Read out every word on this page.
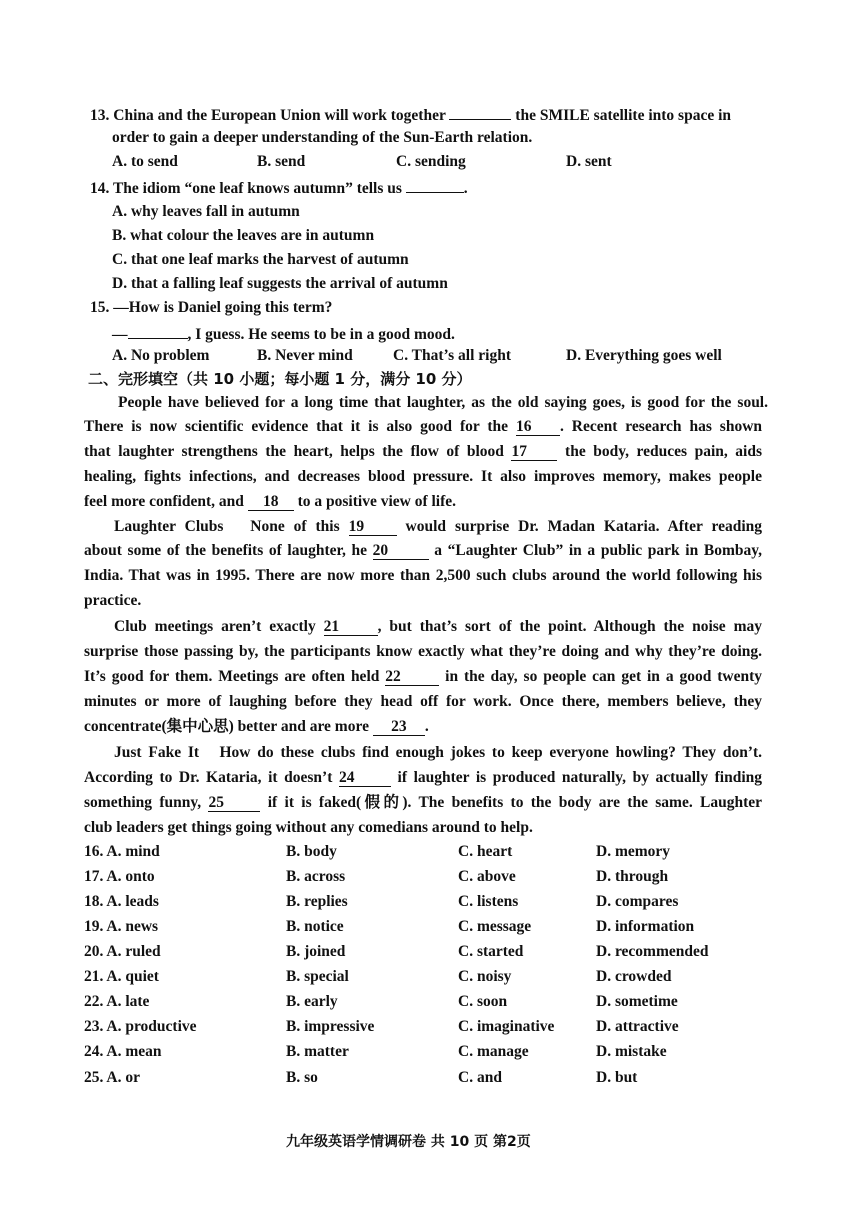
13. China and the European Union will work together	the SMILE satellite into space in
order to gain a deeper understanding of the Sun-Earth relation.
A. to send	B. send	C. sending	D. sent
14. The idiom “one leaf knows autumn” tells us	.
A. why leaves fall in autumn
B. what colour the leaves are in autumn
C. that one leaf marks the harvest of autumn
D. that a falling leaf suggests the arrival of autumn
15. —How is Daniel going this term?
—	, I guess. He seems to be in a good mood.
A. No problem	B. Never mind	C. That’s all right	D. Everything goes well
二、完形填空（共 10 小题；每小题 1 分，满分 10 分）
People have believed for a long time that laughter, as the old saying goes, is good for the soul.
There is now scientific evidence that it is also good for the 16 . Recent research has shown
that laughter strengthens the heart, helps the flow of blood 17 the body, reduces pain, aids
healing, fights infections, and decreases blood pressure. It also improves memory, makes people
feel more confident, and 18 to a positive view of life.
Laughter Clubs None of this 19	would surprise Dr. Madan Kataria. After reading
about some of the benefits of laughter, he 20	a “Laughter Club” in a public park in Bombay,
India. That was in 1995. There are now more than 2,500 such clubs around the world following his
practice.
Club meetings aren’t exactly 21 , but that’s sort of the point. Although the noise may
surprise those passing by, the participants know exactly what they’re doing and why they’re doing.
It’s good for them. Meetings are often held 22	in the day, so people can get in a good twenty
minutes or more of laughing before they head off for work. Once there, members believe, they
concentrate(集中心思) better and are more 23 .
Just Fake It How do these clubs find enough jokes to keep everyone howling? They don’t.
According to Dr. Kataria, it doesn’t 24	if laughter is produced naturally, by actually finding
something funny, 25	if it is faked(假的). The benefits to the body are the same. Laughter
club leaders get things going without any comedians around to help.
16. A. mind	B. body	C. heart	D. memory
17. A. onto	B. across	C. above	D. through
18. A. leads	B. replies	C. listens	D. compares
19. A. news	B. notice	C. message	D. information
20. A. ruled	B. joined	C. started	D. recommended
21. A. quiet	B. special	C. noisy	D. crowded
22. A. late	B. early	C. soon	D. sometime
23. A. productive	B. impressive	C. imaginative	D. attractive
24. A. mean	B. matter	C. manage	D. mistake
25. A. or	B. so	C. and	D. but
九年级英语学情调研卷 共 10 页 第2页
